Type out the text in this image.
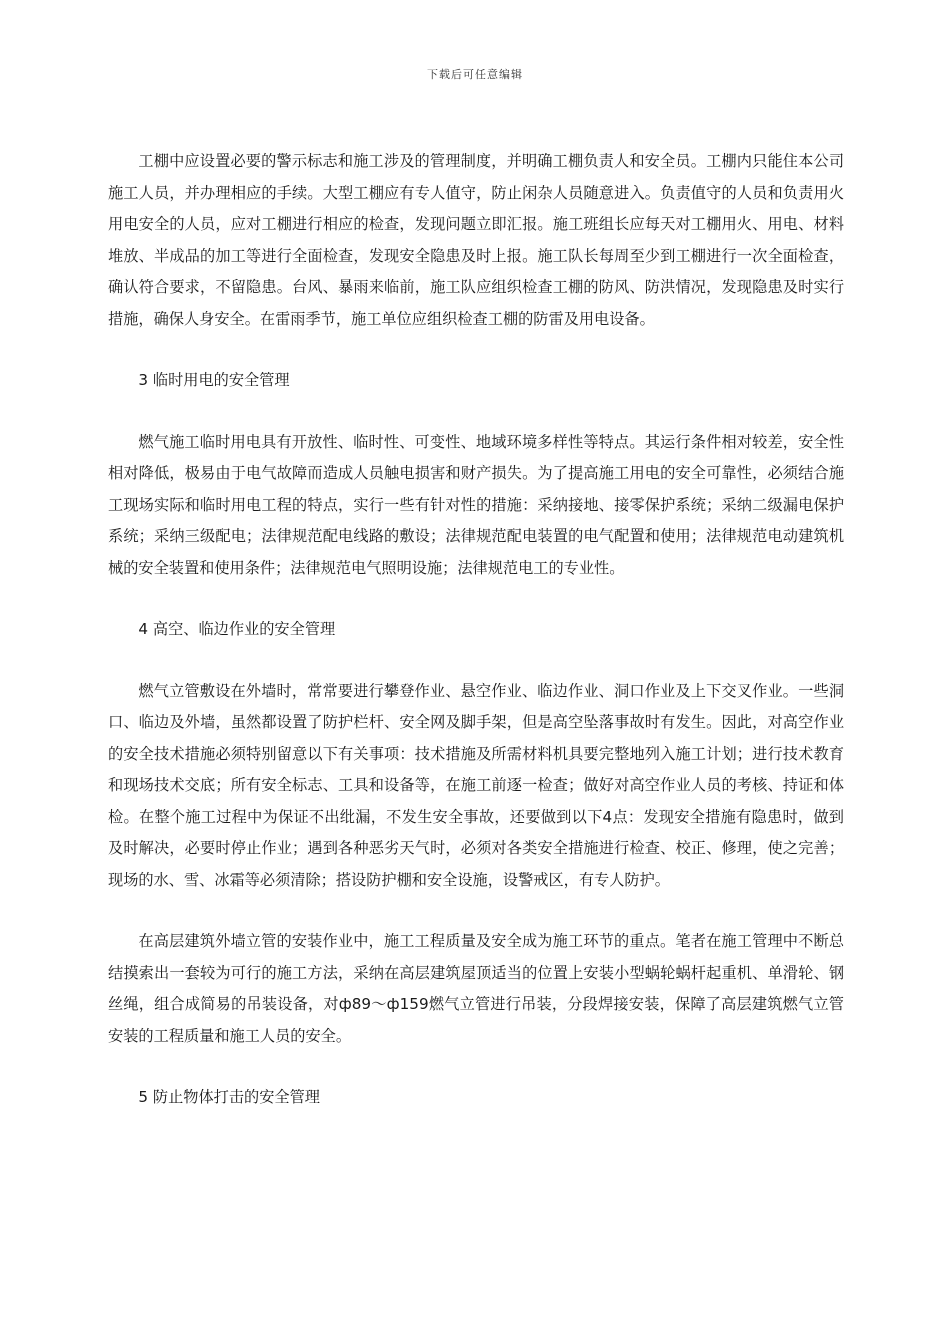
下载后可任意编辑

工棚中应设置必要的警示标志和施工涉及的管理制度，并明确工棚负责人和安全员。工棚内只能住本公司施工人员，并办理相应的手续。大型工棚应有专人值守，防止闲杂人员随意进入。负责值守的人员和负责用火用电安全的人员，应对工棚进行相应的检查，发现问题立即汇报。施工班组长应每天对工棚用火、用电、材料堆放、半成品的加工等进行全面检查，发现安全隐患及时上报。施工队长每周至少到工棚进行一次全面检查，确认符合要求，不留隐患。台风、暴雨来临前，施工队应组织检查工棚的防风、防洪情况，发现隐患及时实行措施，确保人身安全。在雷雨季节，施工单位应组织检查工棚的防雷及用电设备。

3 临时用电的安全管理

燃气施工临时用电具有开放性、临时性、可变性、地域环境多样性等特点。其运行条件相对较差，安全性相对降低，极易由于电气故障而造成人员触电损害和财产损失。为了提高施工用电的安全可靠性，必须结合施工现场实际和临时用电工程的特点，实行一些有针对性的措施：采纳接地、接零保护系统；采纳二级漏电保护系统；采纳三级配电；法律规范配电线路的敷设；法律规范配电装置的电气配置和使用；法律规范电动建筑机械的安全装置和使用条件；法律规范电气照明设施；法律规范电工的专业性。

4 高空、临边作业的安全管理

燃气立管敷设在外墙时，常常要进行攀登作业、悬空作业、临边作业、洞口作业及上下交叉作业。一些洞口、临边及外墙，虽然都设置了防护栏杆、安全网及脚手架，但是高空坠落事故时有发生。因此，对高空作业的安全技术措施必须特别留意以下有关事项：技术措施及所需材料机具要完整地列入施工计划；进行技术教育和现场技术交底；所有安全标志、工具和设备等，在施工前逐一检查；做好对高空作业人员的考核、持证和体检。在整个施工过程中为保证不出纰漏，不发生安全事故，还要做到以下4点：发现安全措施有隐患时，做到及时解决，必要时停止作业；遇到各种恶劣天气时，必须对各类安全措施进行检查、校正、修理，使之完善；现场的水、雪、冰霜等必须清除；搭设防护棚和安全设施，设警戒区，有专人防护。

在高层建筑外墙立管的安装作业中，施工工程质量及安全成为施工环节的重点。笔者在施工管理中不断总结摸索出一套较为可行的施工方法，采纳在高层建筑屋顶适当的位置上安装小型蜗轮蜗杆起重机、单滑轮、钢丝绳，组合成简易的吊装设备，对ф89～ф159燃气立管进行吊装，分段焊接安装，保障了高层建筑燃气立管安装的工程质量和施工人员的安全。

5 防止物体打击的安全管理
